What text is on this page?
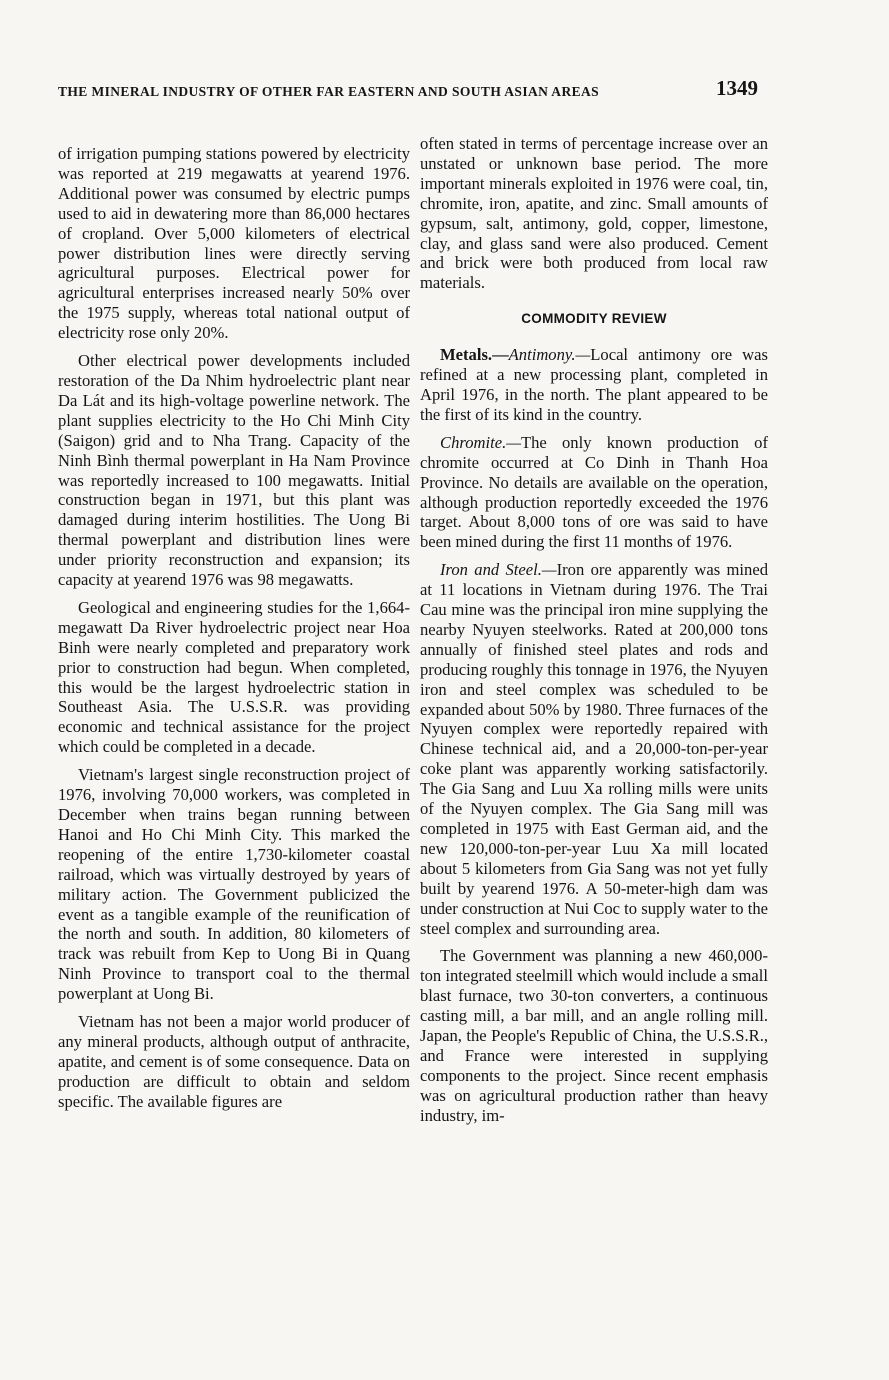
THE MINERAL INDUSTRY OF OTHER FAR EASTERN AND SOUTH ASIAN AREAS	1349

of irrigation pumping stations powered by electricity was reported at 219 megawatts at yearend 1976. Additional power was consumed by electric pumps used to aid in dewatering more than 86,000 hectares of cropland. Over 5,000 kilometers of electrical power distribution lines were directly serving agricultural purposes. Electrical power for agricultural enterprises increased nearly 50% over the 1975 supply, whereas total national output of electricity rose only 20%.

Other electrical power developments included restoration of the Da Nhim hydroelectric plant near Da Lát and its high-voltage powerline network. The plant supplies electricity to the Ho Chi Minh City (Saigon) grid and to Nha Trang. Capacity of the Ninh Bình thermal powerplant in Ha Nam Province was reportedly increased to 100 megawatts. Initial construction began in 1971, but this plant was damaged during interim hostilities. The Uong Bi thermal powerplant and distribution lines were under priority reconstruction and expansion; its capacity at yearend 1976 was 98 megawatts.

Geological and engineering studies for the 1,664-megawatt Da River hydroelectric project near Hoa Binh were nearly completed and preparatory work prior to construction had begun. When completed, this would be the largest hydroelectric station in Southeast Asia. The U.S.S.R. was providing economic and technical assistance for the project which could be completed in a decade.

Vietnam's largest single reconstruction project of 1976, involving 70,000 workers, was completed in December when trains began running between Hanoi and Ho Chi Minh City. This marked the reopening of the entire 1,730-kilometer coastal railroad, which was virtually destroyed by years of military action. The Government publicized the event as a tangible example of the reunification of the north and south. In addition, 80 kilometers of track was rebuilt from Kep to Uong Bi in Quang Ninh Province to transport coal to the thermal powerplant at Uong Bi.

Vietnam has not been a major world producer of any mineral products, although output of anthracite, apatite, and cement is of some consequence. Data on production are difficult to obtain and seldom specific. The available figures are

often stated in terms of percentage increase over an unstated or unknown base period. The more important minerals exploited in 1976 were coal, tin, chromite, iron, apatite, and zinc. Small amounts of gypsum, salt, antimony, gold, copper, limestone, clay, and glass sand were also produced. Cement and brick were both produced from local raw materials.

COMMODITY REVIEW

Metals.—Antimony.—Local antimony ore was refined at a new processing plant, completed in April 1976, in the north. The plant appeared to be the first of its kind in the country.

Chromite.—The only known production of chromite occurred at Co Dinh in Thanh Hoa Province. No details are available on the operation, although production reportedly exceeded the 1976 target. About 8,000 tons of ore was said to have been mined during the first 11 months of 1976.

Iron and Steel.—Iron ore apparently was mined at 11 locations in Vietnam during 1976. The Trai Cau mine was the principal iron mine supplying the nearby Nyuyen steelworks. Rated at 200,000 tons annually of finished steel plates and rods and producing roughly this tonnage in 1976, the Nyuyen iron and steel complex was scheduled to be expanded about 50% by 1980. Three furnaces of the Nyuyen complex were reportedly repaired with Chinese technical aid, and a 20,000-ton-per-year coke plant was apparently working satisfactorily. The Gia Sang and Luu Xa rolling mills were units of the Nyuyen complex. The Gia Sang mill was completed in 1975 with East German aid, and the new 120,000-ton-per-year Luu Xa mill located about 5 kilometers from Gia Sang was not yet fully built by yearend 1976. A 50-meter-high dam was under construction at Nui Coc to supply water to the steel complex and surrounding area.

The Government was planning a new 460,000-ton integrated steelmill which would include a small blast furnace, two 30-ton converters, a continuous casting mill, a bar mill, and an angle rolling mill. Japan, the People's Republic of China, the U.S.S.R., and France were interested in supplying components to the project. Since recent emphasis was on agricultural production rather than heavy industry, im-
